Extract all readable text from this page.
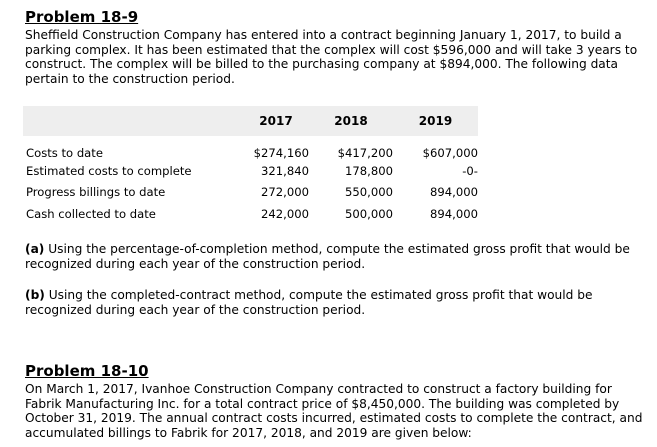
Problem 18-9

Sheffield Construction Company has entered into a contract beginning January 1, 2017, to build a parking complex. It has been estimated that the complex will cost $596,000 and will take 3 years to construct. The complex will be billed to the purchasing company at $894,000. The following data pertain to the construction period.

	2017	2018	2019
Costs to date	$274,160	$417,200	$607,000
Estimated costs to complete	321,840	178,800	-0-
Progress billings to date	272,000	550,000	894,000
Cash collected to date	242,000	500,000	894,000

(a) Using the percentage-of-completion method, compute the estimated gross profit that would be recognized during each year of the construction period.

(b) Using the completed-contract method, compute the estimated gross profit that would be recognized during each year of the construction period.

Problem 18-10

On March 1, 2017, Ivanhoe Construction Company contracted to construct a factory building for Fabrik Manufacturing Inc. for a total contract price of $8,450,000. The building was completed by October 31, 2019. The annual contract costs incurred, estimated costs to complete the contract, and accumulated billings to Fabrik for 2017, 2018, and 2019 are given below:
